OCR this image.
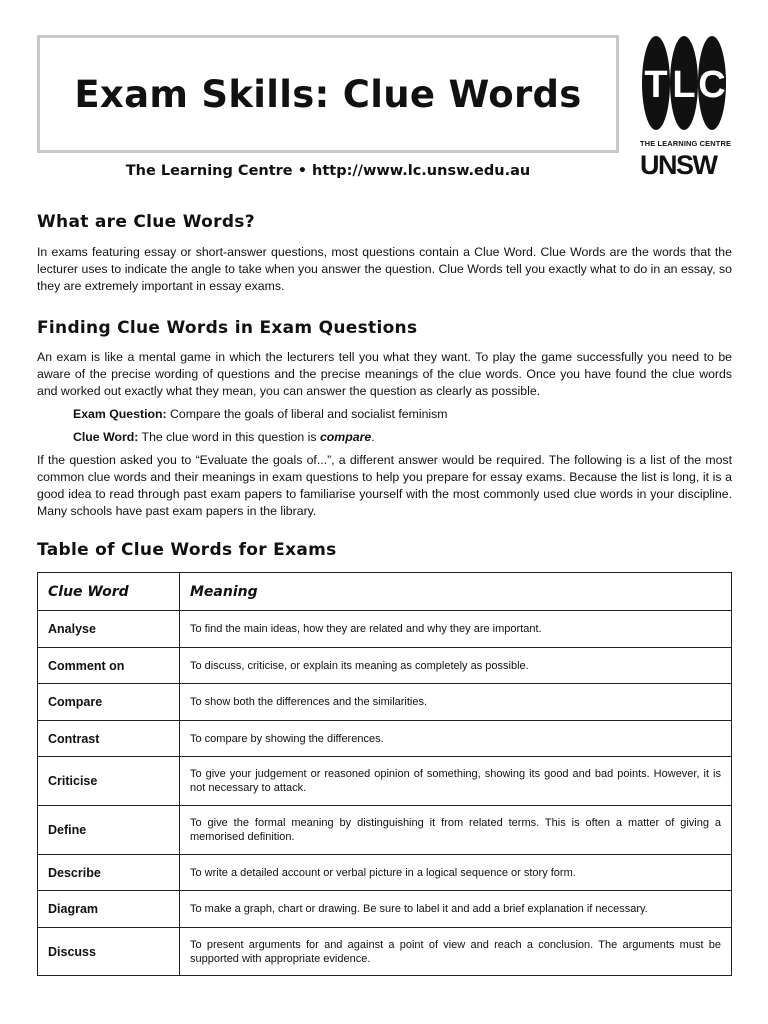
Exam Skills: Clue Words
The Learning Centre • http://www.lc.unsw.edu.au
T L C
THE LEARNING CENTRE
UNSW
What are Clue Words?

In exams featuring essay or short-answer questions, most questions contain a Clue Word. Clue Words are the words that the lecturer uses to indicate the angle to take when you answer the question. Clue Words tell you exactly what to do in an essay, so they are extremely important in essay exams.

Finding Clue Words in Exam Questions

An exam is like a mental game in which the lecturers tell you what they want. To play the game successfully you need to be aware of the precise wording of questions and the precise meanings of the clue words. Once you have found the clue words and worked out exactly what they mean, you can answer the question as clearly as possible.

Exam Question: Compare the goals of liberal and socialist feminism

Clue Word: The clue word in this question is compare.

If the question asked you to “Evaluate the goals of...”, a different answer would be required. The following is a list of the most common clue words and their meanings in exam questions to help you prepare for essay exams. Because the list is long, it is a good idea to read through past exam papers to familiarise yourself with the most commonly used clue words in your discipline. Many schools have past exam papers in the library.

Table of Clue Words for Exams
Clue Word	Meaning
Analyse	To find the main ideas, how they are related and why they are important.
Comment on	To discuss, criticise, or explain its meaning as completely as possible.
Compare	To show both the differences and the similarities.
Contrast	To compare by showing the differences.
Criticise	To give your judgement or reasoned opinion of something, showing its good and bad points. However, it is not necessary to attack.
Define	To give the formal meaning by distinguishing it from related terms. This is often a matter of giving a memorised definition.
Describe	To write a detailed account or verbal picture in a logical sequence or story form.
Diagram	To make a graph, chart or drawing. Be sure to label it and add a brief explanation if necessary.
Discuss	To present arguments for and against a point of view and reach a conclusion. The arguments must be supported with appropriate evidence.
